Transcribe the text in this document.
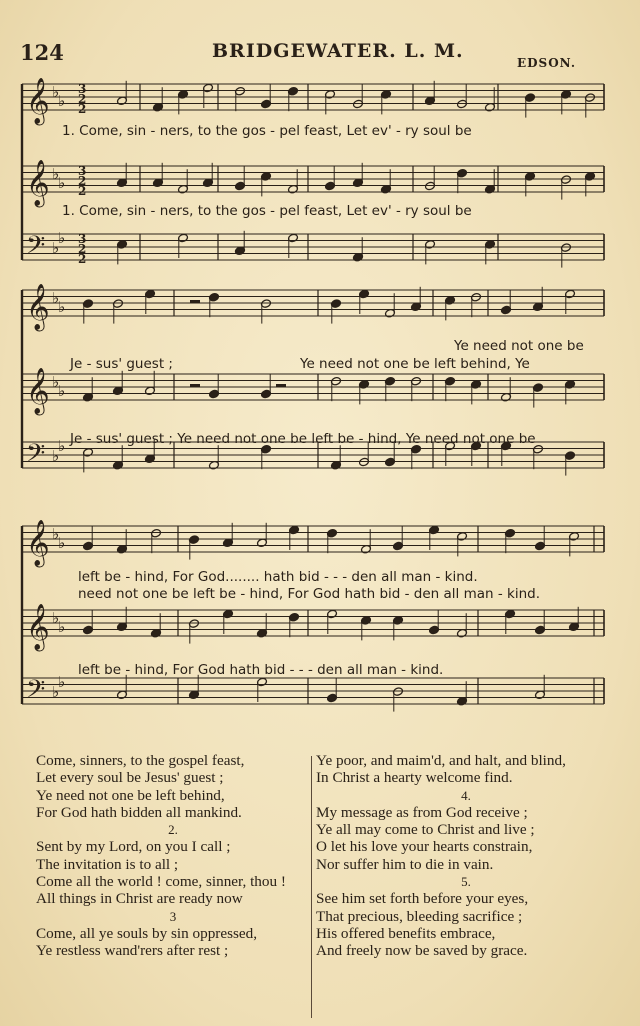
124	BRIDGEWATER. L. M.
EDSON.
𝄞 ♭
♭
𝄞 ♭
♭
𝄢 ♭
♭
3
2
2
3
2
2
3
2
2
1. Come, sin - ners, to the gos - pel feast, Let ev' - ry soul be
1. Come, sin - ners, to the gos - pel feast, Let ev' - ry soul be
𝄞 ♭
♭
𝄞 ♭
♭
𝄢 ♭
♭
Ye need not one be
Je - sus' guest ;	Ye need not one be left behind, Ye
Je - sus' guest ; Ye need not one be left be - hind, Ye need not one be
𝄞 ♭
♭
𝄞 ♭
♭
𝄢 ♭
♭
left be - hind, For God........ hath bid - - - den all man - kind.
need not one be left be - hind, For God hath bid - den all man - kind.
left be - hind, For God hath bid - - - den all man - kind.
Come, sinners, to the gospel feast,
Let every soul be Jesus' guest ;
Ye need not one be left behind,
For God hath bidden all mankind.
2.
Sent by my Lord, on you I call ;
The invitation is to all ;
Come all the world ! come, sinner, thou !
All things in Christ are ready now
3
Come, all ye souls by sin oppressed,
Ye restless wand'rers after rest ;
Ye poor, and maim'd, and halt, and blind,
In Christ a hearty welcome find.
4.
My message as from God receive ;
Ye all may come to Christ and live ;
O let his love your hearts constrain,
Nor suffer him to die in vain.
5.
See him set forth before your eyes,
That precious, bleeding sacrifice ;
His offered benefits embrace,
And freely now be saved by grace.
